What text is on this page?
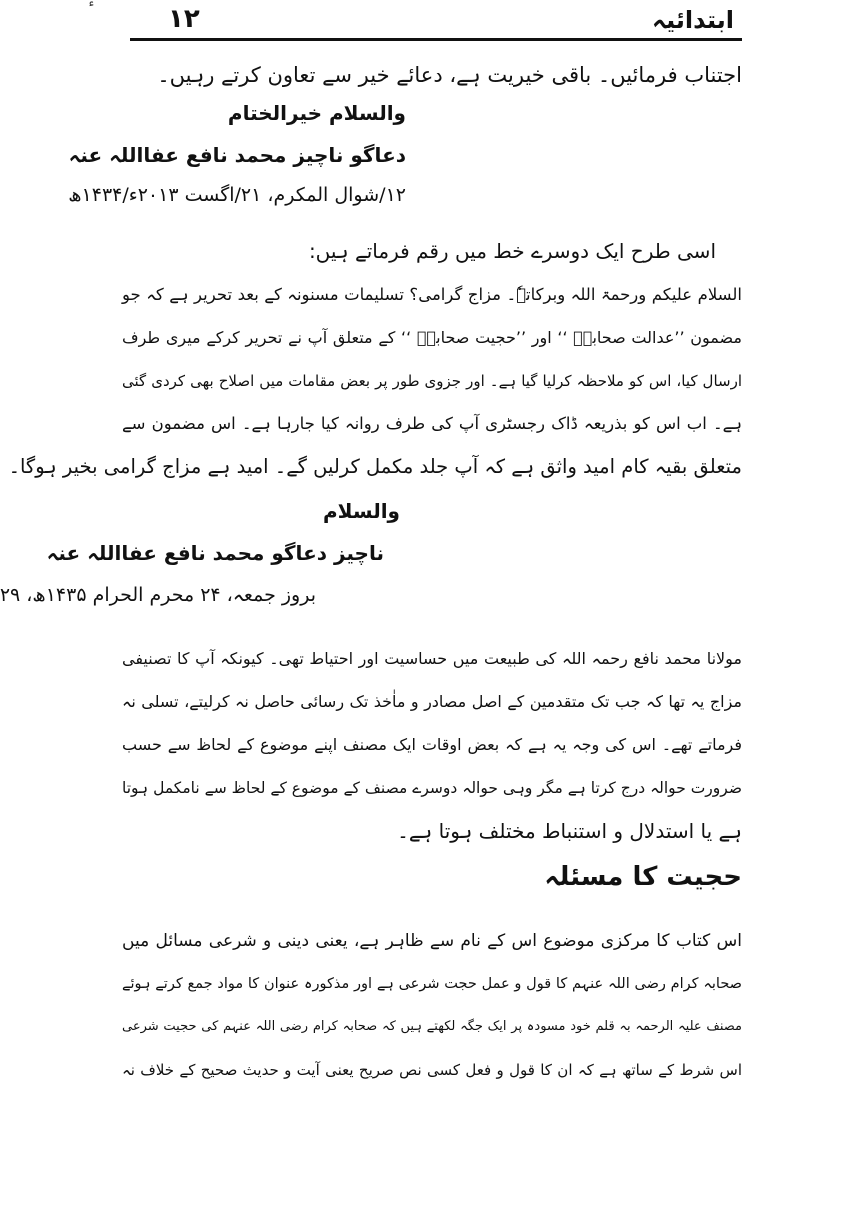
ابتدائیہ
۱۲
اجتناب فرمائیں۔ باقی خیریت ہے، دعائے خیر سے تعاون کرتے رہیں۔
والسلام خیرالختام
دعاگو ناچیز محمد نافع عفااللہ عنہ
۱۲/شوال المکرم، ۲۱/اگست ۲۰۱۳ء/۱۴۳۴ھ
اسی طرح ایک دوسرے خط میں رقم فرماتے ہیں:
السلام علیکم ورحمۃ اللہ وبرکاتہٗ۔ مزاج گرامی؟ تسلیمات مسنونہ کے بعد تحریر ہے کہ جو
مضمون ’’عدالت صحابہؓ ‘‘ اور ’’حجیت صحابہؓ ‘‘ کے متعلق آپ نے تحریر کرکے میری طرف
ارسال کیا، اس کو ملاحظہ کرلیا گیا ہے۔ اور جزوی طور پر بعض مقامات میں اصلاح بھی کردی گئی
ہے۔ اب اس کو بذریعہ ڈاک رجسٹری آپ کی طرف روانہ کیا جارہا ہے۔ اس مضمون سے
متعلق بقیہ کام امید واثق ہے کہ آپ جلد مکمل کرلیں گے۔ امید ہے مزاج گرامی بخیر ہوگا۔
والسلام
ناچیز دعاگو محمد نافع عفااللہ عنہ
بروز جمعہ، ۲۴ محرم الحرام ۱۴۳۵ھ، ۲۹
مولانا محمد نافع رحمہ اللہ کی طبیعت میں حساسیت اور احتیاط تھی۔ کیونکہ آپ کا تصنیفی
مزاج یہ تھا کہ جب تک متقدمین کے اصل مصادر و ماٰخذ تک رسائی حاصل نہ کرلیتے، تسلی نہ
فرماتے تھے۔ اس کی وجہ یہ ہے کہ بعض اوقات ایک مصنف اپنے موضوع کے لحاظ سے حسب
ضرورت حوالہ درج کرتا ہے مگر وہی حوالہ دوسرے مصنف کے موضوع کے لحاظ سے نامکمل ہوتا
ہے یا استدلال و استنباط مختلف ہوتا ہے۔
حجیت کا مسئلہ
اس کتاب کا مرکزی موضوع اس کے نام سے ظاہر ہے، یعنی دینی و شرعی مسائل میں
صحابہ کرام رضی اللہ عنہم کا قول و عمل حجت شرعی ہے اور مذکورہ عنوان کا مواد جمع کرتے ہوئے
مصنف علیہ الرحمہ بہ قلم خود مسودہ پر ایک جگہ لکھتے ہیں کہ صحابہ کرام رضی اللہ عنہم کی حجیت شرعی
اس شرط کے ساتھ ہے کہ ان کا قول و فعل کسی نص صریح یعنی آیت و حدیث صحیح کے خلاف نہ
